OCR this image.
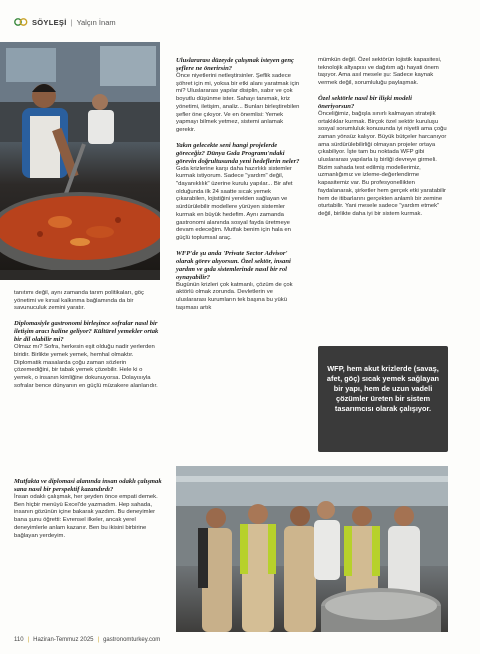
SÖYLEŞİ | Yalçın İnam

tanıtımı değil, aynı zamanda tarım politikaları, göç yönetimi ve kırsal kalkınma bağlamında da bir savunuculuk zemini yaratır.

Diplomasiyle gastronomi birleşince sofralar nasıl bir iletişim aracı haline geliyor? Kültürel yemekler ortak bir dil olabilir mi?

Olmaz mı? Sofra, herkesin eşit olduğu nadir yerlerden biridir. Birlikte yemek yemek, hemhal olmaktır. Diplomatik masalarda çoğu zaman sözlerin çözemediğini, bir tabak yemek çözebilir. Hele ki o yemek, o insanın kimliğine dokunuyorsa. Dolayısıyla sofralar bence dünyanın en güçlü müzakere alanlarıdır.

Mutfakta ve diplomasi alanında insan odaklı çalışmak sana nasıl bir perspektif kazandırdı?

İnsan odaklı çalışmak, her şeyden önce empati demek. Ben hiçbir menüyü Excel'de yazmadım. Hep sahada, insanın gözünün içine bakarak yazdım. Bu deneyimler bana şunu öğretti: Evrensel ilkeler, ancak yerel deneyimlerle anlam kazanır. Ben bu ikisini birbirine bağlayan yerdeyim.

Uluslararası düzeyde çalışmak isteyen genç şeflere ne önerirsin?

Önce niyetlerini netleştirsinler. Şeflik sadece şöhret için mi, yoksa bir etki alanı yaratmak için mi? Uluslararası yapılar disiplin, sabır ve çok boyutlu düşünme ister. Sahayı tanımak, kriz yönetimi, iletişim, analiz... Bunları birleştirebilen şefler öne çıkıyor. Ve en önemlisi: Yemek yapmayı bilmek yetmez, sistemi anlamak gerekir.

Yakın gelecekte seni hangi projelerde göreceğiz? Dünya Gıda Programı'ndaki görevin doğrultusunda yeni hedeflerin neler?

Gıda krizlerine karşı daha hazırlıklı sistemler kurmak istiyorum. Sadece "yardım" değil, "dayanıklılık" üzerine kurulu yapılar... Bir afet olduğunda ilk 24 saatte sıcak yemek çıkarabilen, lojistiğini yerelden sağlayan ve sürdürülebilir modellere yürüyen sistemler kurmak en büyük hedefim. Aynı zamanda gastronomi alanında sosyal fayda üretmeye devam edeceğim. Mutfak benim için hala en güçlü toplumsal araç.

WFP'de şu anda 'Private Sector Advisor' olarak görev alıyorsun. Özel sektör, insani yardım ve gıda sistemlerinde nasıl bir rol oynayabilir?

Bugünün krizleri çok katmanlı, çözüm de çok aktörlü olmak zorunda. Devletlerin ve uluslararası kurumların tek başına bu yükü taşıması artık

mümkün değil. Özel sektörün lojistik kapasitesi, teknolojik altyapısı ve dağıtım ağı hayati önem taşıyor. Ama asıl mesele şu: Sadece kaynak vermek değil, sorumluluğu paylaşmak.

Özel sektörle nasıl bir ilişki modeli öneriyorsun?

Önceliğimiz, bağışla sınırlı kalmayan stratejik ortaklıklar kurmak. Birçok özel sektör kuruluşu sosyal sorumluluk konusunda iyi niyetli ama çoğu zaman yönsüz kalıyor. Büyük bütçeler harcanıyor ama sürdürülebilirliği olmayan projeler ortaya çıkabiliyor. İşte tam bu noktada WFP gibi uluslararası yapılarla iş birliği devreye girmeli. Bizim sahada test edilmiş modellerimiz, uzmanlığımız ve izleme-değerlendirme kapasitemiz var. Bu profesyonellikten faydalanarak, şirketler hem gerçek etki yaratabilir hem de itibarlarını gerçekten anlamlı bir zemine oturtabilir. Yani mesele sadece "yardım etmek" değil, birlikte daha iyi bir sistem kurmak.

WFP, hem akut krizlerde (savaş, afet, göç) sıcak yemek sağlayan bir yapı, hem de uzun vadeli çözümler üreten bir sistem tasarımcısı olarak çalışıyor.
110 | Haziran-Temmuz 2025 | gastronomturkey.com
